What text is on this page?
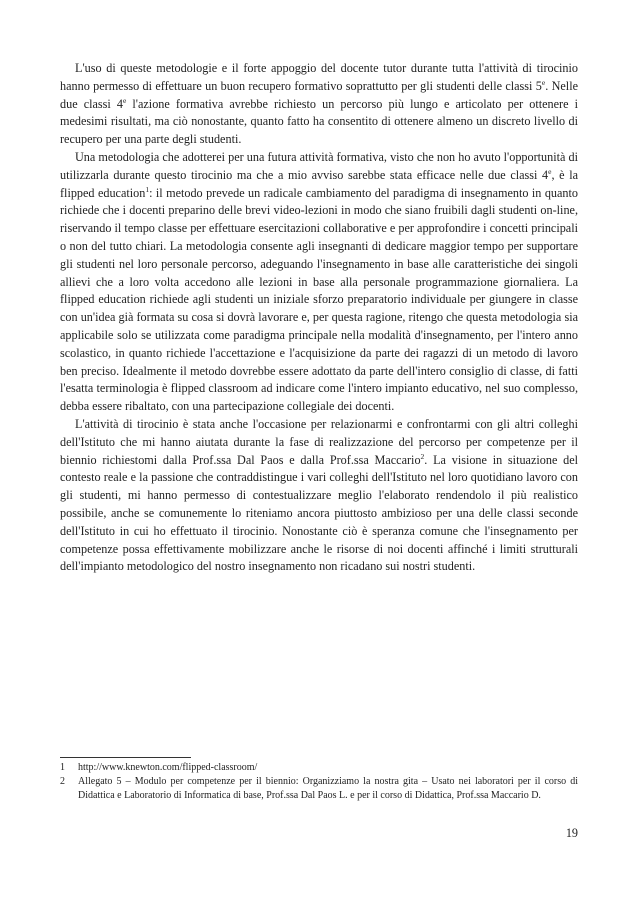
L'uso di queste metodologie e il forte appoggio del docente tutor durante tutta l'attività di tirocinio hanno permesso di effettuare un buon recupero formativo soprattutto per gli studenti delle classi 5e. Nelle due classi 4e l'azione formativa avrebbe richiesto un percorso più lungo e articolato per ottenere i medesimi risultati, ma ciò nonostante, quanto fatto ha consentito di ottenere almeno un discreto livello di recupero per una parte degli studenti.

Una metodologia che adotterei per una futura attività formativa, visto che non ho avuto l'opportunità di utilizzarla durante questo tirocinio ma che a mio avviso sarebbe stata efficace nelle due classi 4e, è la flipped education$^1$: il metodo prevede un radicale cambiamento del paradigma di insegnamento in quanto richiede che i docenti preparino delle brevi video-lezioni in modo che siano fruibili dagli studenti on-line, riservando il tempo classe per effettuare esercitazioni collaborative e per approfondire i concetti principali o non del tutto chiari. La metodologia consente agli insegnanti di dedicare maggior tempo per supportare gli studenti nel loro personale percorso, adeguando l'insegnamento in base alle caratteristiche dei singoli allievi che a loro volta accedono alle lezioni in base alla personale programmazione giornaliera. La flipped education richiede agli studenti un iniziale sforzo preparatorio individuale per giungere in classe con un'idea già formata su cosa si dovrà lavorare e, per questa ragione, ritengo che questa metodologia sia applicabile solo se utilizzata come paradigma principale nella modalità d'insegnamento, per l'intero anno scolastico, in quanto richiede l'accettazione e l'acquisizione da parte dei ragazzi di un metodo di lavoro ben preciso. Idealmente il metodo dovrebbe essere adottato da parte dell'intero consiglio di classe, di fatti l'esatta terminologia è flipped classroom ad indicare come l'intero impianto educativo, nel suo complesso, debba essere ribaltato, con una partecipazione collegiale dei docenti.

L'attività di tirocinio è stata anche l'occasione per relazionarmi e confrontarmi con gli altri colleghi dell'Istituto che mi hanno aiutata durante la fase di realizzazione del percorso per competenze per il biennio richiestomi dalla Prof.ssa Dal Paos e dalla Prof.ssa Maccario$^2$. La visione in situazione del contesto reale e la passione che contraddistingue i vari colleghi dell'Istituto nel loro quotidiano lavoro con gli studenti, mi hanno permesso di contestualizzare meglio l'elaborato rendendolo il più realistico possibile, anche se comunemente lo riteniamo ancora piuttosto ambizioso per una delle classi seconde dell'Istituto in cui ho effettuato il tirocinio. Nonostante ciò è speranza comune che l'insegnamento per competenze possa effettivamente mobilizzare anche le risorse di noi docenti affinché i limiti strutturali dell'impianto metodologico del nostro insegnamento non ricadano sui nostri studenti.

1	http://www.knewton.com/flipped-classroom/
2	Allegato 5 – Modulo per competenze per il biennio: Organizziamo la nostra gita – Usato nei laboratori per il corso di Didattica e Laboratorio di Informatica di base, Prof.ssa Dal Paos L. e per il corso di Didattica, Prof.ssa Maccario D.
19
